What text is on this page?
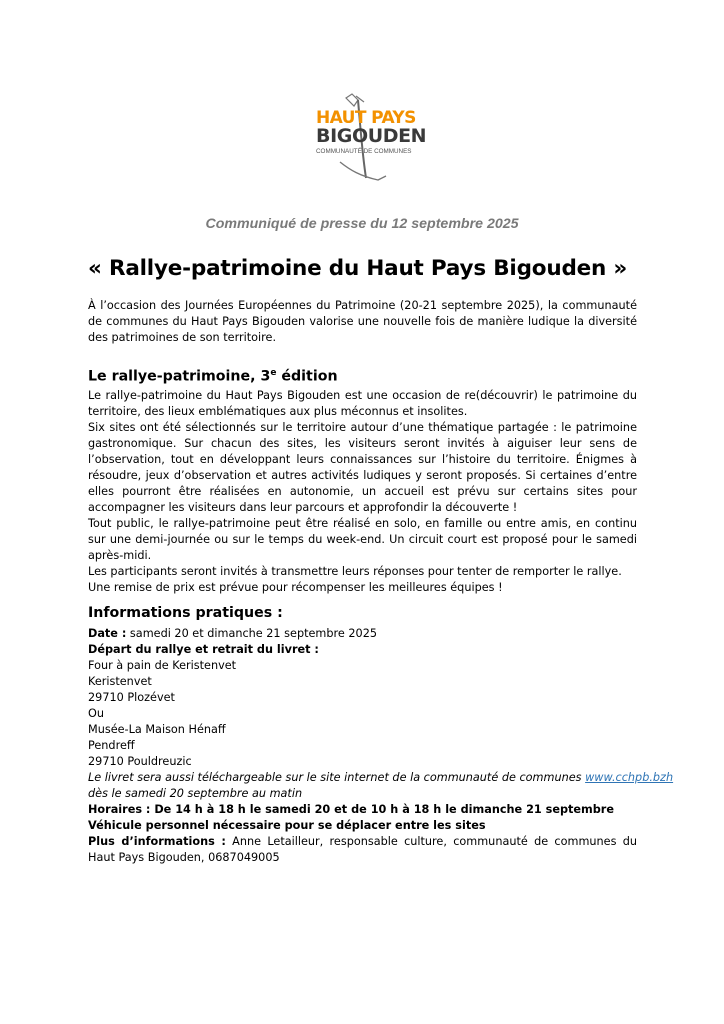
HAUT PAYS
BIGOUDEN
COMMUNAUTÉ DE COMMUNES
Communiqué de presse du 12 septembre 2025
« Rallye-patrimoine du Haut Pays Bigouden »

À l’occasion des Journées Européennes du Patrimoine (20-21 septembre 2025), la communauté de communes du Haut Pays Bigouden valorise une nouvelle fois de manière ludique la diversité des patrimoines de son territoire.

Le rallye-patrimoine, 3e édition

Le rallye-patrimoine du Haut Pays Bigouden est une occasion de re(découvrir) le patrimoine du territoire, des lieux emblématiques aux plus méconnus et insolites.

Six sites ont été sélectionnés sur le territoire autour d’une thématique partagée : le patrimoine gastronomique. Sur chacun des sites, les visiteurs seront invités à aiguiser leur sens de l’observation, tout en développant leurs connaissances sur l’histoire du territoire. Énigmes à résoudre, jeux d’observation et autres activités ludiques y seront proposés. Si certaines d’entre elles pourront être réalisées en autonomie, un accueil est prévu sur certains sites pour accompagner les visiteurs dans leur parcours et approfondir la découverte !

Tout public, le rallye-patrimoine peut être réalisé en solo, en famille ou entre amis, en continu sur une demi-journée ou sur le temps du week-end. Un circuit court est proposé pour le samedi après-midi.

Les participants seront invités à transmettre leurs réponses pour tenter de remporter le rallye.

Une remise de prix est prévue pour récompenser les meilleures équipes !

Informations pratiques :
Date : samedi 20 et dimanche 21 septembre 2025
Départ du rallye et retrait du livret :
Four à pain de Keristenvet
Keristenvet
29710 Plozévet
Ou
Musée-La Maison Hénaff
Pendreff
29710 Pouldreuzic
Le livret sera aussi téléchargeable sur le site internet de la communauté de communes www.cchpb.bzh
dès le samedi 20 septembre au matin
Horaires : De 14 h à 18 h le samedi 20 et de 10 h à 18 h le dimanche 21 septembre
Véhicule personnel nécessaire pour se déplacer entre les sites
Plus d’informations : Anne Letailleur, responsable culture, communauté de communes du Haut Pays Bigouden, 0687049005
